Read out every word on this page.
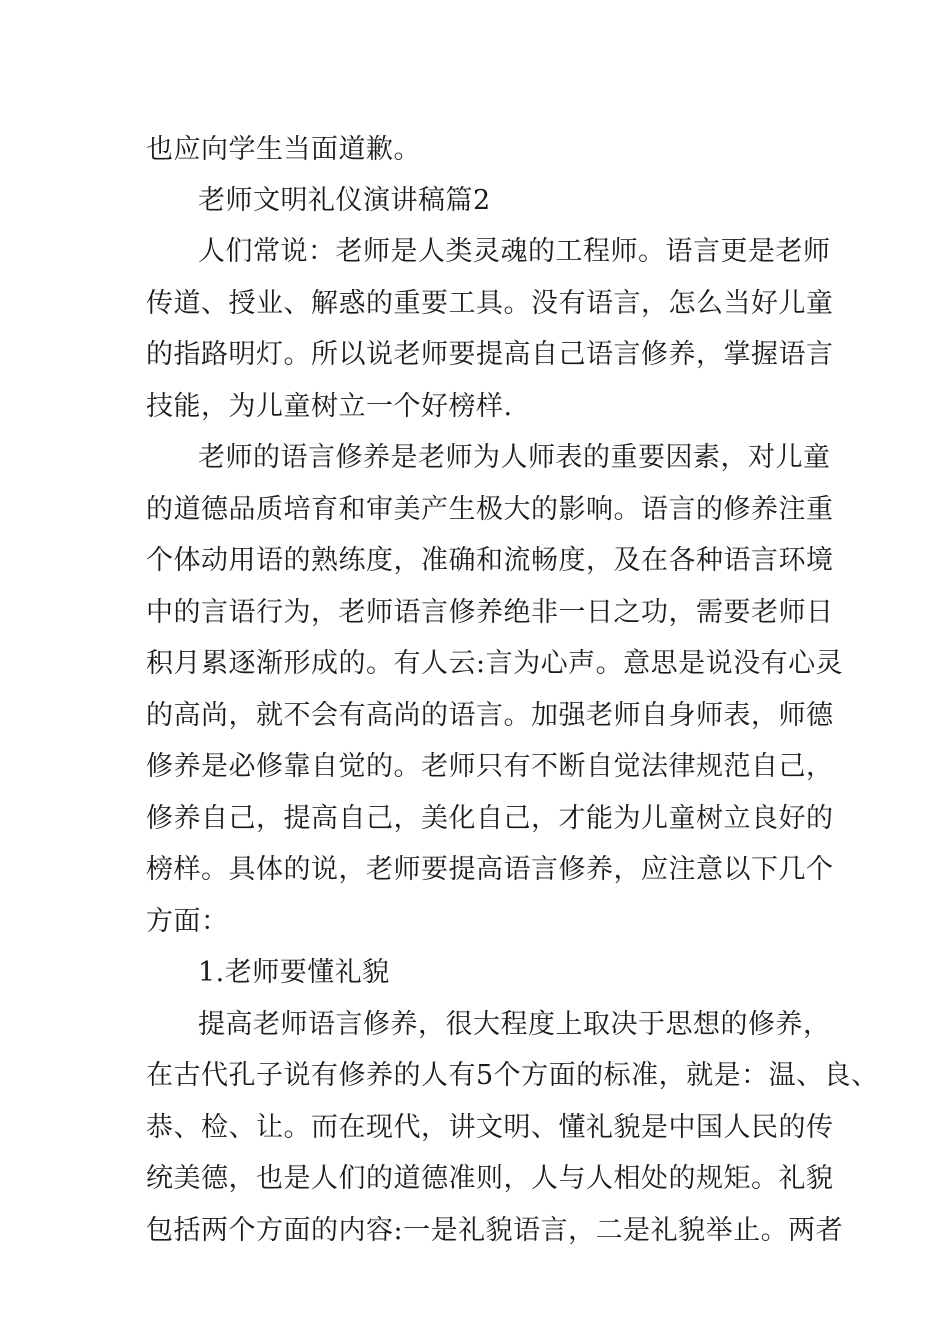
也应向学生当面道歉。
老师文明礼仪演讲稿篇2
人们常说：老师是人类灵魂的工程师。语言更是老师
传道、授业、解惑的重要工具。没有语言，怎么当好儿童
的指路明灯。所以说老师要提高自己语言修养，掌握语言
技能，为儿童树立一个好榜样.
老师的语言修养是老师为人师表的重要因素，对儿童
的道德品质培育和审美产生极大的影响。语言的修养注重
个体动用语的熟练度，准确和流畅度，及在各种语言环境
中的言语行为，老师语言修养绝非一日之功，需要老师日
积月累逐渐形成的。有人云:言为心声。意思是说没有心灵
的高尚，就不会有高尚的语言。加强老师自身师表，师德
修养是必修靠自觉的。老师只有不断自觉法律规范自己，
修养自己，提高自己，美化自己，才能为儿童树立良好的
榜样。具体的说，老师要提高语言修养，应注意以下几个
方面：
1.老师要懂礼貌
提高老师语言修养，很大程度上取决于思想的修养，
在古代孔子说有修养的人有5个方面的标准，就是：温、良、
恭、检、让。而在现代，讲文明、懂礼貌是中国人民的传
统美德，也是人们的道德准则，人与人相处的规矩。礼貌
包括两个方面的内容:一是礼貌语言，二是礼貌举止。两者
